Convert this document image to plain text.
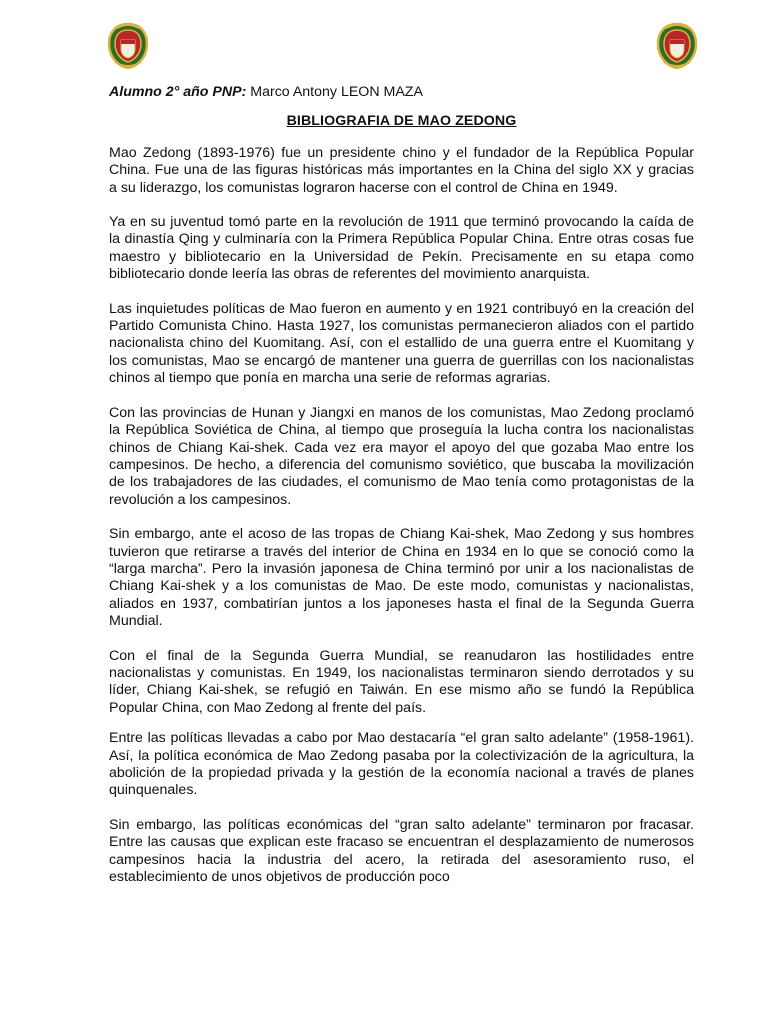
Alumno 2° año PNP: Marco Antony LEON MAZA

BIBLIOGRAFIA DE MAO ZEDONG

Mao Zedong (1893-1976) fue un presidente chino y el fundador de la República Popular China. Fue una de las figuras históricas más importantes en la China del siglo XX y gracias a su liderazgo, los comunistas lograron hacerse con el control de China en 1949.

Ya en su juventud tomó parte en la revolución de 1911 que terminó provocando la caída de la dinastía Qing y culminaría con la Primera República Popular China. Entre otras cosas fue maestro y bibliotecario en la Universidad de Pekín. Precisamente en su etapa como bibliotecario donde leería las obras de referentes del movimiento anarquista.

Las inquietudes políticas de Mao fueron en aumento y en 1921 contribuyó en la creación del Partido Comunista Chino. Hasta 1927, los comunistas permanecieron aliados con el partido nacionalista chino del Kuomitang. Así, con el estallido de una guerra entre el Kuomitang y los comunistas, Mao se encargó de mantener una guerra de guerrillas con los nacionalistas chinos al tiempo que ponía en marcha una serie de reformas agrarias.

Con las provincias de Hunan y Jiangxi en manos de los comunistas, Mao Zedong proclamó la República Soviética de China, al tiempo que proseguía la lucha contra los nacionalistas chinos de Chiang Kai-shek. Cada vez era mayor el apoyo del que gozaba Mao entre los campesinos. De hecho, a diferencia del comunismo soviético, que buscaba la movilización de los trabajadores de las ciudades, el comunismo de Mao tenía como protagonistas de la revolución a los campesinos.

Sin embargo, ante el acoso de las tropas de Chiang Kai-shek, Mao Zedong y sus hombres tuvieron que retirarse a través del interior de China en 1934 en lo que se conoció como la “larga marcha”. Pero la invasión japonesa de China terminó por unir a los nacionalistas de Chiang Kai-shek y a los comunistas de Mao. De este modo, comunistas y nacionalistas, aliados en 1937, combatirían juntos a los japoneses hasta el final de la Segunda Guerra Mundial.

Con el final de la Segunda Guerra Mundial, se reanudaron las hostilidades entre nacionalistas y comunistas. En 1949, los nacionalistas terminaron siendo derrotados y su líder, Chiang Kai-shek, se refugió en Taiwán. En ese mismo año se fundó la República Popular China, con Mao Zedong al frente del país.

Entre las políticas llevadas a cabo por Mao destacaría “el gran salto adelante” (1958-1961). Así, la política económica de Mao Zedong pasaba por la colectivización de la agricultura, la abolición de la propiedad privada y la gestión de la economía nacional a través de planes quinquenales.

Sin embargo, las políticas económicas del “gran salto adelante” terminaron por fracasar. Entre las causas que explican este fracaso se encuentran el desplazamiento de numerosos campesinos hacia la industria del acero, la retirada del asesoramiento ruso, el establecimiento de unos objetivos de producción poco
